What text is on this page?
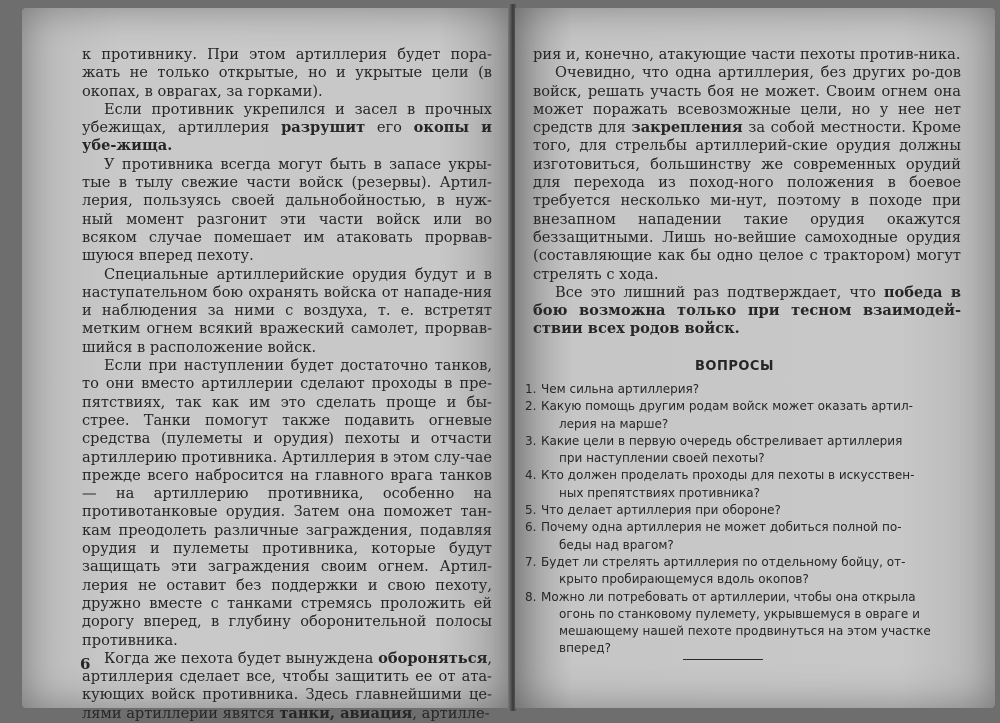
к противнику. При этом артиллерия будет пора- жать не только открытые, но и укрытые цели (в окопах, в оврагах, за горками).

Если противник укрепился и засел в прочных убежищах, артиллерия разрушит его окопы и убе-жища.

У противника всегда могут быть в запасе укры-тые в тылу свежие части войск (резервы). Артил-лерия, пользуясь своей дальнобойностью, в нуж-ный момент разгонит эти части войск или во всяком случае помешает им атаковать прорвав-шуюся вперед пехоту.

Специальные артиллерийские орудия будут и в наступательном бою охранять войска от нападе-ния и наблюдения за ними с воздуха, т. е. встретят метким огнем всякий вражеский самолет, прорвав-шийся в расположение войск.

Если при наступлении будет достаточно танков, то они вместо артиллерии сделают проходы в пре-пятствиях, так как им это сделать проще и бы-стрее. Танки помогут также подавить огневые средства (пулеметы и орудия) пехоты и отчасти артиллерию противника. Артиллерия в этом слу-чае прежде всего набросится на главного врага танков — на артиллерию противника, особенно на противотанковые орудия. Затем она поможет тан-кам преодолеть различные заграждения, подавляя орудия и пулеметы противника, которые будут защищать эти заграждения своим огнем. Артил-лерия не оставит без поддержки и свою пехоту, дружно вместе с танками стремясь проложить ей дорогу вперед, в глубину оборонительной полосы противника.

Когда же пехота будет вынуждена обороняться, артиллерия сделает все, чтобы защитить ее от ата-кующих войск противника. Здесь главнейшими це-лями артиллерии явятся танки, авиация, артилле-

6

рия и, конечно, атакующие части пехоты против-ника.

Очевидно, что одна артиллерия, без других ро-дов войск, решать участь боя не может. Своим огнем она может поражать всевозможные цели, но у нее нет средств для закрепления за собой местности. Кроме того, для стрельбы артиллерий-ские орудия должны изготовиться, большинству же современных орудий для перехода из поход-ного положения в боевое требуется несколько ми-нут, поэтому в походе при внезапном нападении такие орудия окажутся беззащитными. Лишь но-вейшие самоходные орудия (составляющие как бы одно целое с трактором) могут стрелять с хода.

Все это лишний раз подтверждает, что победа в бою возможна только при тесном взаимодей-ствии всех родов войск.

ВОПРОСЫ
1. Чем сильна артиллерия?
2. Какую помощь другим родам войск может оказать артил-
лерия на марше?
3. Какие цели в первую очередь обстреливает артиллерия
при наступлении своей пехоты?
4. Кто должен проделать проходы для пехоты в искусствен-
ных препятствиях противника?
5. Что делает артиллерия при обороне?
6. Почему одна артиллерия не может добиться полной по-
беды над врагом?
7. Будет ли стрелять артиллерия по отдельному бойцу, от-
крыто пробирающемуся вдоль окопов?
8. Можно ли потребовать от артиллерии, чтобы она открыла
огонь по станковому пулемету, укрывшемуся в овраге и мешающему нашей пехоте продвинуться на этом участке вперед?
